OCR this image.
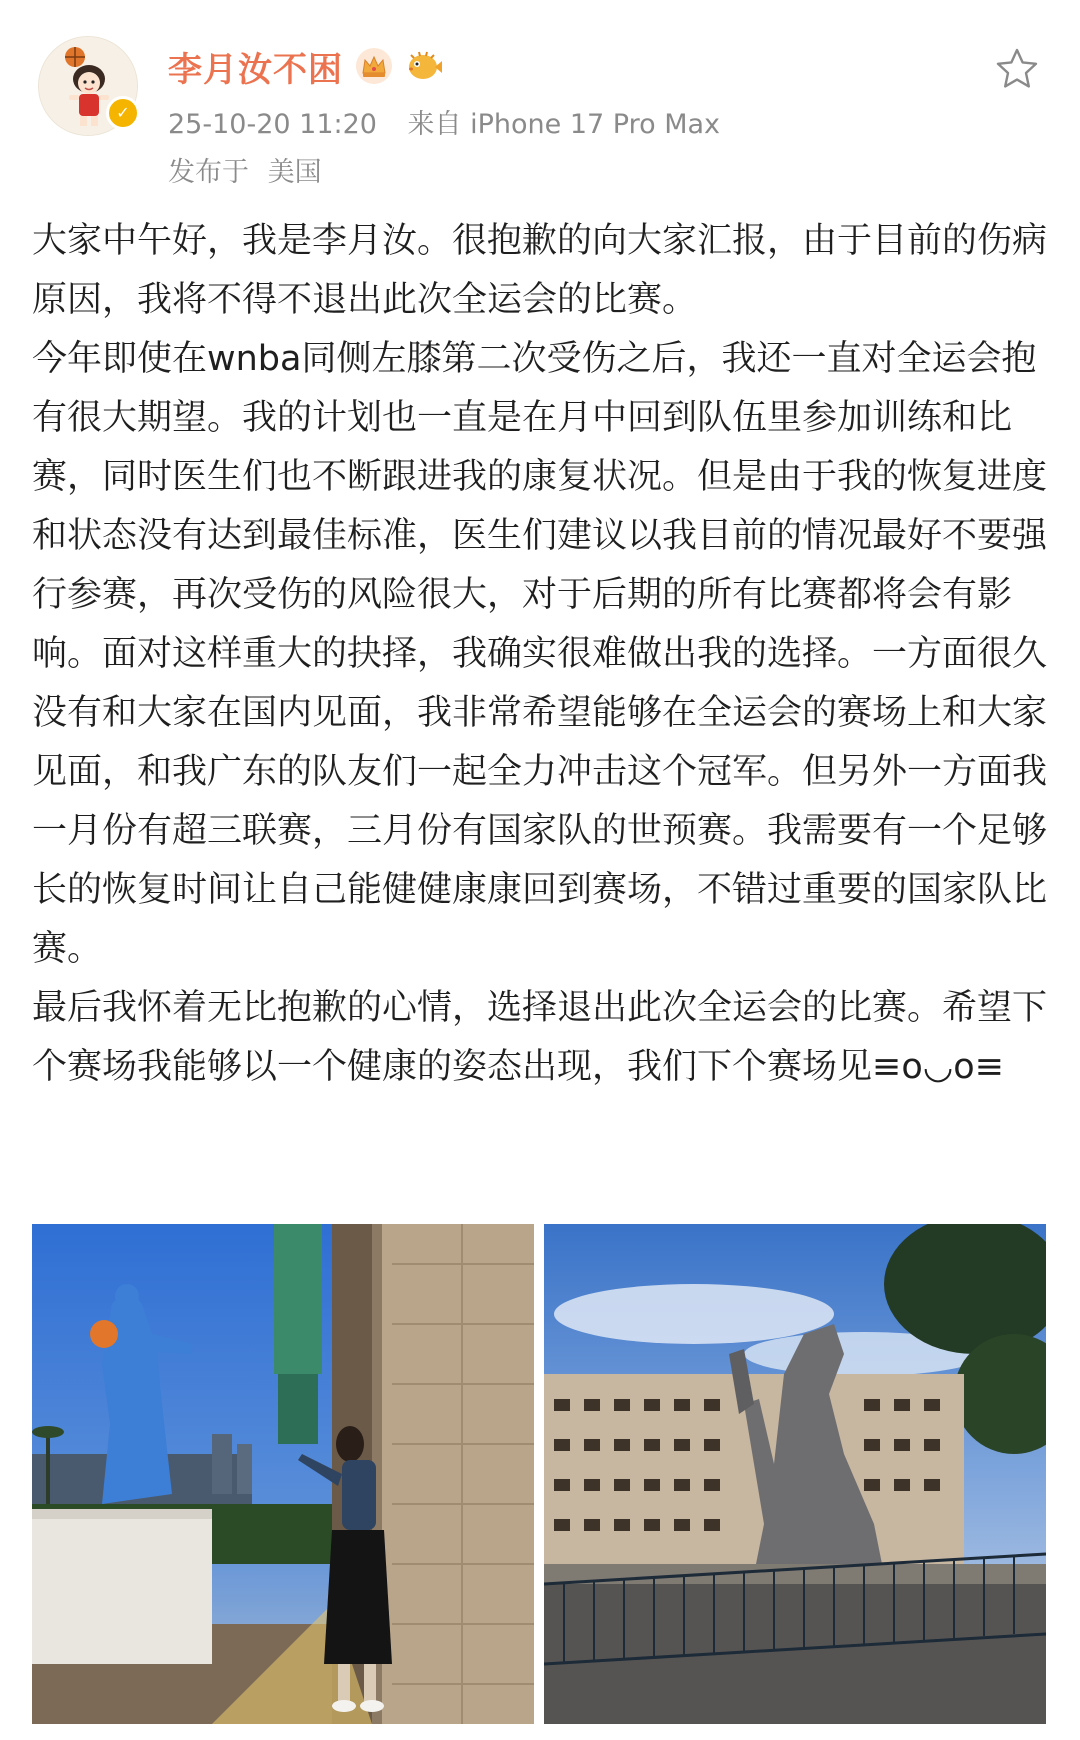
✓
李月汝不困
25-10-20 11:20 来自 iPhone 17 Pro Max
发布于 美国

大家中午好，我是李月汝。很抱歉的向大家汇报，由于目前的伤病原因，我将不得不退出此次全运会的比赛。

今年即使在wnba同侧左膝第二次受伤之后，我还一直对全运会抱有很大期望。我的计划也一直是在月中回到队伍里参加训练和比赛，同时医生们也不断跟进我的康复状况。但是由于我的恢复进度和状态没有达到最佳标准，医生们建议以我目前的情况最好不要强行参赛，再次受伤的风险很大，对于后期的所有比赛都将会有影响。面对这样重大的抉择，我确实很难做出我的选择。一方面很久没有和大家在国内见面，我非常希望能够在全运会的赛场上和大家见面，和我广东的队友们一起全力冲击这个冠军。但另外一方面我一月份有超三联赛，三月份有国家队的世预赛。我需要有一个足够长的恢复时间让自己能健健康康回到赛场，不错过重要的国家队比赛。

最后我怀着无比抱歉的心情，选择退出此次全运会的比赛。希望下个赛场我能够以一个健康的姿态出现，我们下个赛场见≡o◡o≡
